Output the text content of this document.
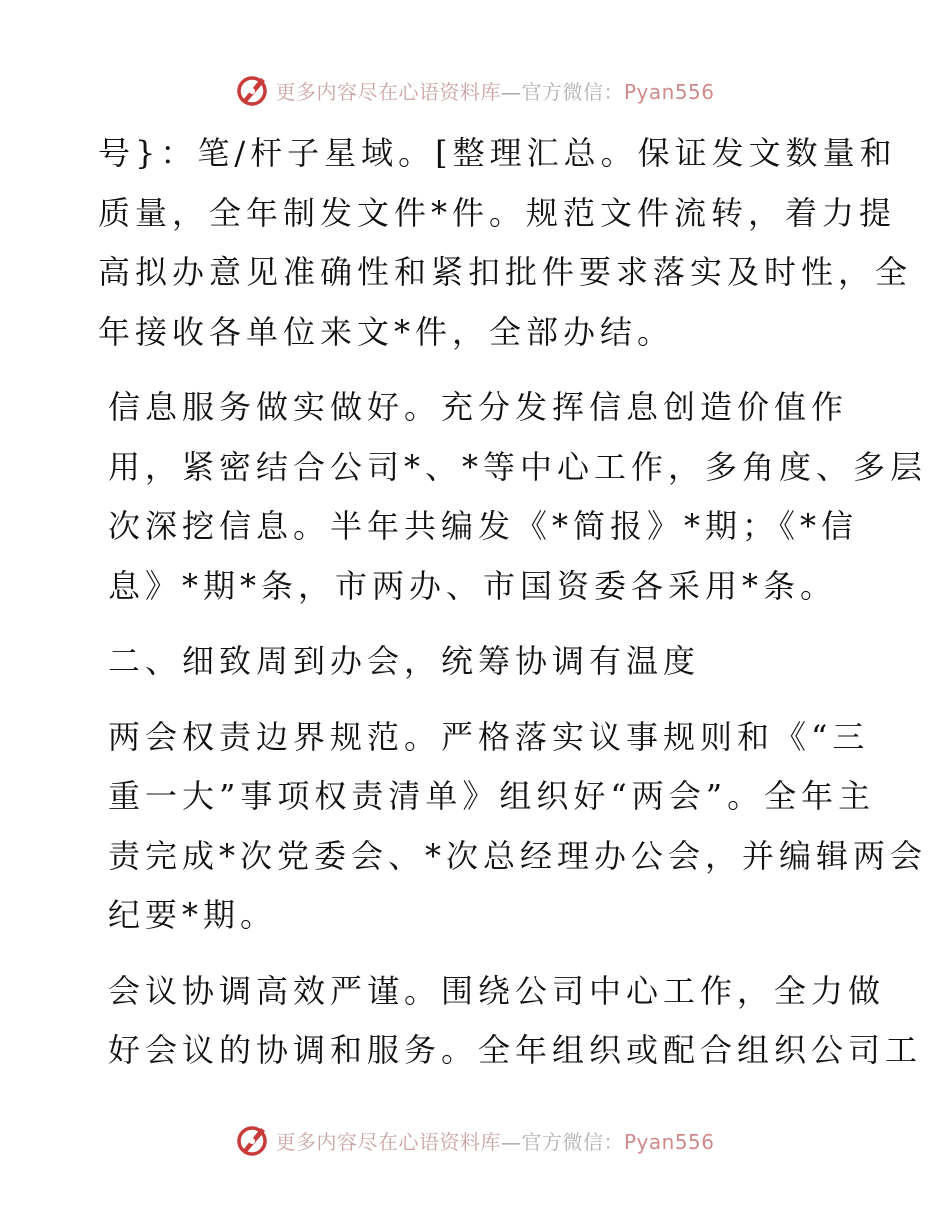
更多内容尽在心语资料库—官方微信：Pyan556
号}：笔/杆子星域。[整理汇总。保证发文数量和
质量，全年制发文件*件。规范文件流转，着力提
高拟办意见准确性和紧扣批件要求落实及时性，全
年接收各单位来文*件，全部办结。
信息服务做实做好。充分发挥信息创造价值作
用，紧密结合公司*、*等中心工作，多角度、多层
次深挖信息。半年共编发《*简报》*期；《*信
息》*期*条，市两办、市国资委各采用*条。
二、细致周到办会，统筹协调有温度
两会权责边界规范。严格落实议事规则和《“三
重一大”事项权责清单》组织好“两会”。全年主
责完成*次党委会、*次总经理办公会，并编辑两会
纪要*期。
会议协调高效严谨。围绕公司中心工作，全力做
好会议的协调和服务。全年组织或配合组织公司工
更多内容尽在心语资料库—官方微信：Pyan556
